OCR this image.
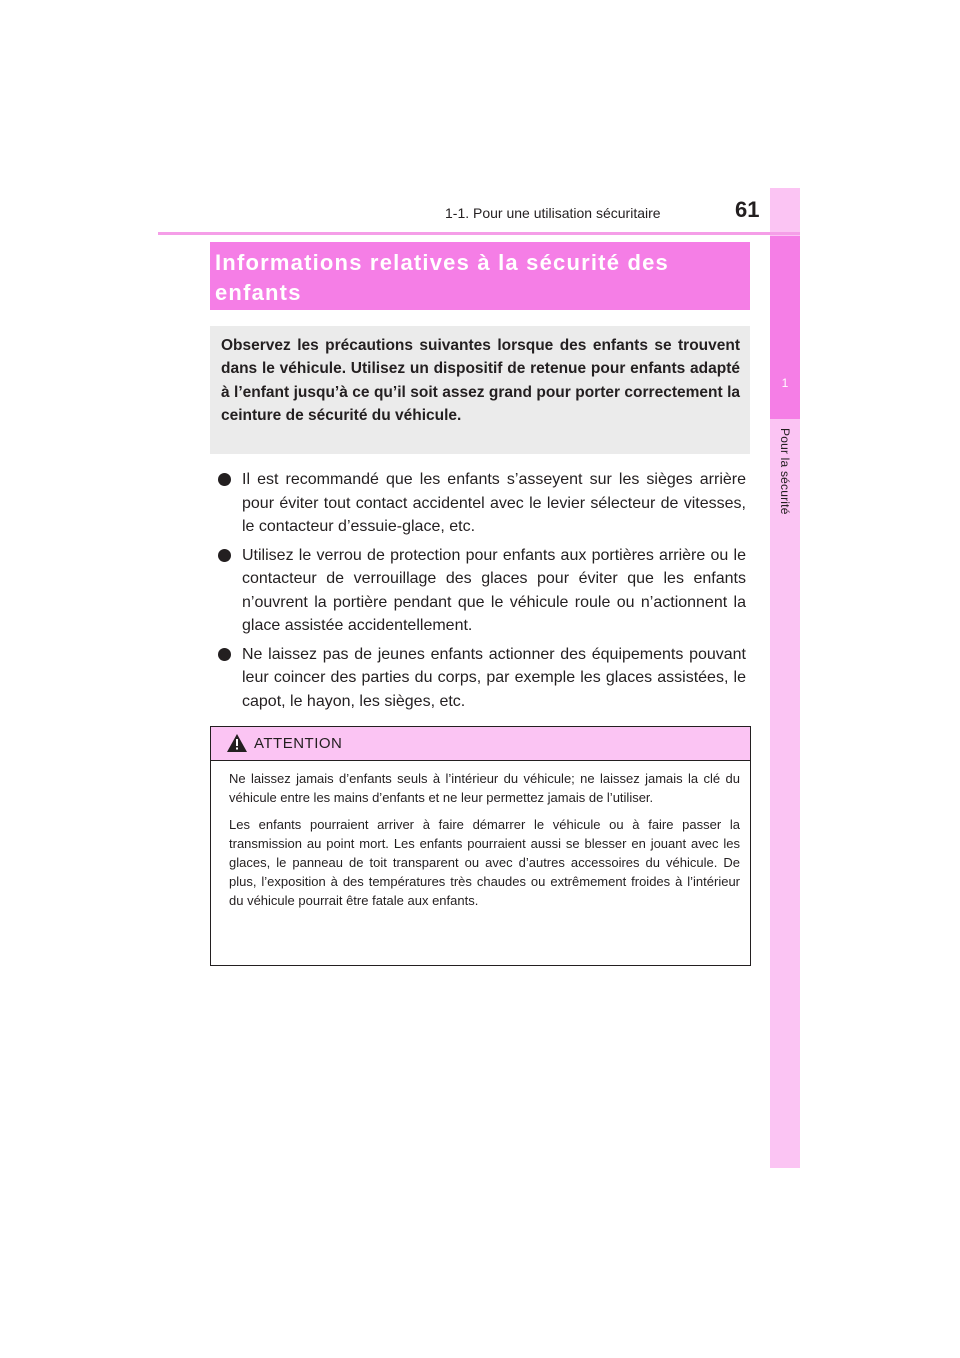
1
Pour la sécurité
1-1. Pour une utilisation sécuritaire	61
Informations relatives à la sécurité des enfants
Observez les précautions suivantes lorsque des enfants se trouvent dans le véhicule. Utilisez un dispositif de retenue pour enfants adapté à l’enfant jusqu’à ce qu’il soit assez grand pour porter correctement la ceinture de sécurité du véhicule.
Il est recommandé que les enfants s’asseyent sur les sièges arrière pour éviter tout contact accidentel avec le levier sélecteur de vitesses, le contacteur d’essuie-glace, etc.
Utilisez le verrou de protection pour enfants aux portières arrière ou le contacteur de verrouillage des glaces pour éviter que les enfants n’ouvrent la portière pendant que le véhicule roule ou n’actionnent la glace assistée accidentellement.
Ne laissez pas de jeunes enfants actionner des équipements pouvant leur coincer des parties du corps, par exemple les glaces assistées, le capot, le hayon, les sièges, etc.
ATTENTION

Ne laissez jamais d’enfants seuls à l’intérieur du véhicule; ne laissez jamais la clé du véhicule entre les mains d’enfants et ne leur permettez jamais de l’utiliser.

Les enfants pourraient arriver à faire démarrer le véhicule ou à faire passer la transmission au point mort. Les enfants pourraient aussi se blesser en jouant avec les glaces, le panneau de toit transparent ou avec d’autres accessoires du véhicule. De plus, l’exposition à des températures très chaudes ou extrêmement froides à l’intérieur du véhicule pourrait être fatale aux enfants.
